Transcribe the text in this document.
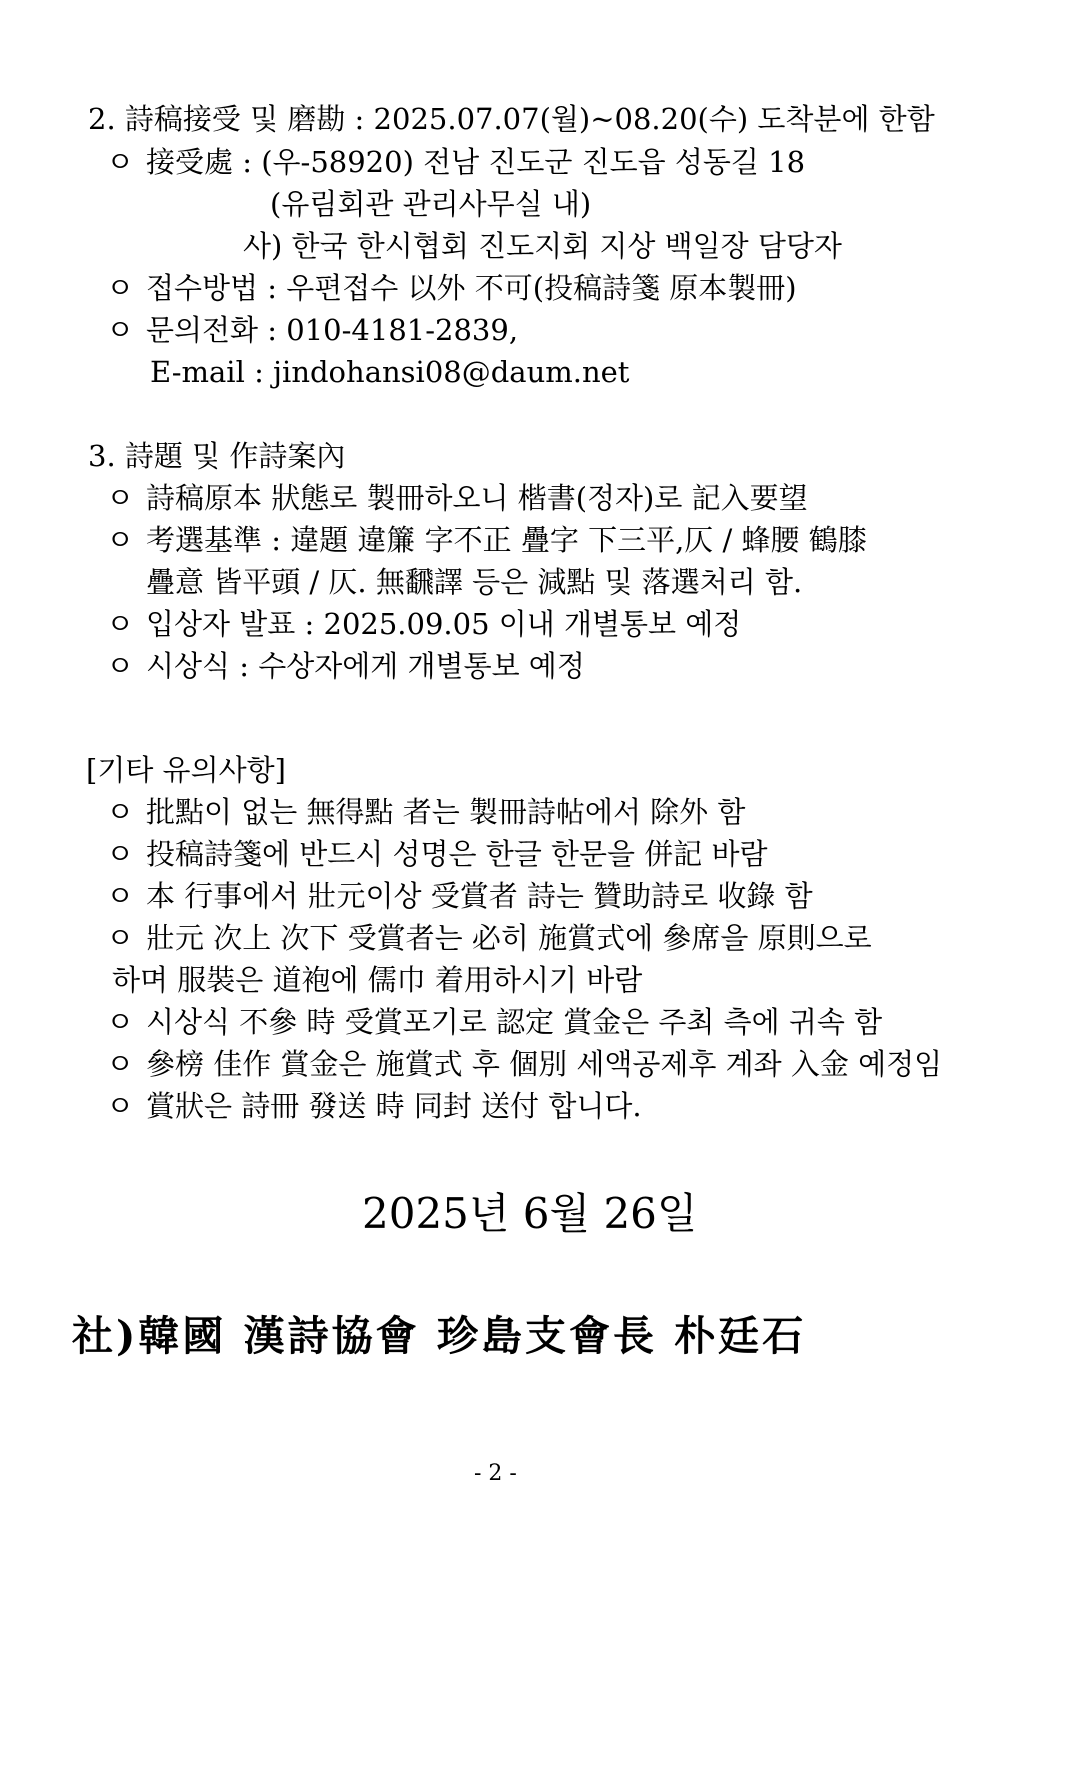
2. 詩稿接受 및 磨勘 : 2025.07.07(월)~08.20(수) 도착분에 한함
ㅇ 接受處 : (우-58920) 전남 진도군 진도읍 성동길 18
(유림회관 관리사무실 내)
사) 한국 한시협회 진도지회 지상 백일장 담당자
ㅇ 접수방법 : 우편접수 以外 不可(投稿詩箋 原本製冊)
ㅇ 문의전화 : 010-4181-2839,
E-mail : jindohansi08@daum.net
3. 詩題 및 作詩案內
ㅇ 詩稿原本 狀態로 製冊하오니 楷書(정자)로 記入要望
ㅇ 考選基準 : 違題 違簾 字不正 疊字 下三平,仄 / 蜂腰 鶴膝
疊意 皆平頭 / 仄. 無飜譯 등은 減點 및 落選처리 함.
ㅇ 입상자 발표 : 2025.09.05 이내 개별통보 예정
ㅇ 시상식 : 수상자에게 개별통보 예정
[기타 유의사항]
ㅇ 批點이 없는 無得點 者는 製冊詩帖에서 除外 함
ㅇ 投稿詩箋에 반드시 성명은 한글 한문을 併記 바람
ㅇ 本 行事에서 壯元이상 受賞者 詩는 贊助詩로 收錄 함
ㅇ 壯元 次上 次下 受賞者는 必히 施賞式에 參席을 原則으로
하며 服裝은 道袍에 儒巾 着用하시기 바람
ㅇ 시상식 不參 時 受賞포기로 認定 賞金은 주최 측에 귀속 함
ㅇ 參榜 佳作 賞金은 施賞式 후 個別 세액공제후 계좌 入金 예정임
ㅇ 賞狀은 詩冊 發送 時 同封 送付 합니다.
2025년 6월 26일
社)韓國 漢詩協會 珍島支會長 朴廷石
- 2 -
